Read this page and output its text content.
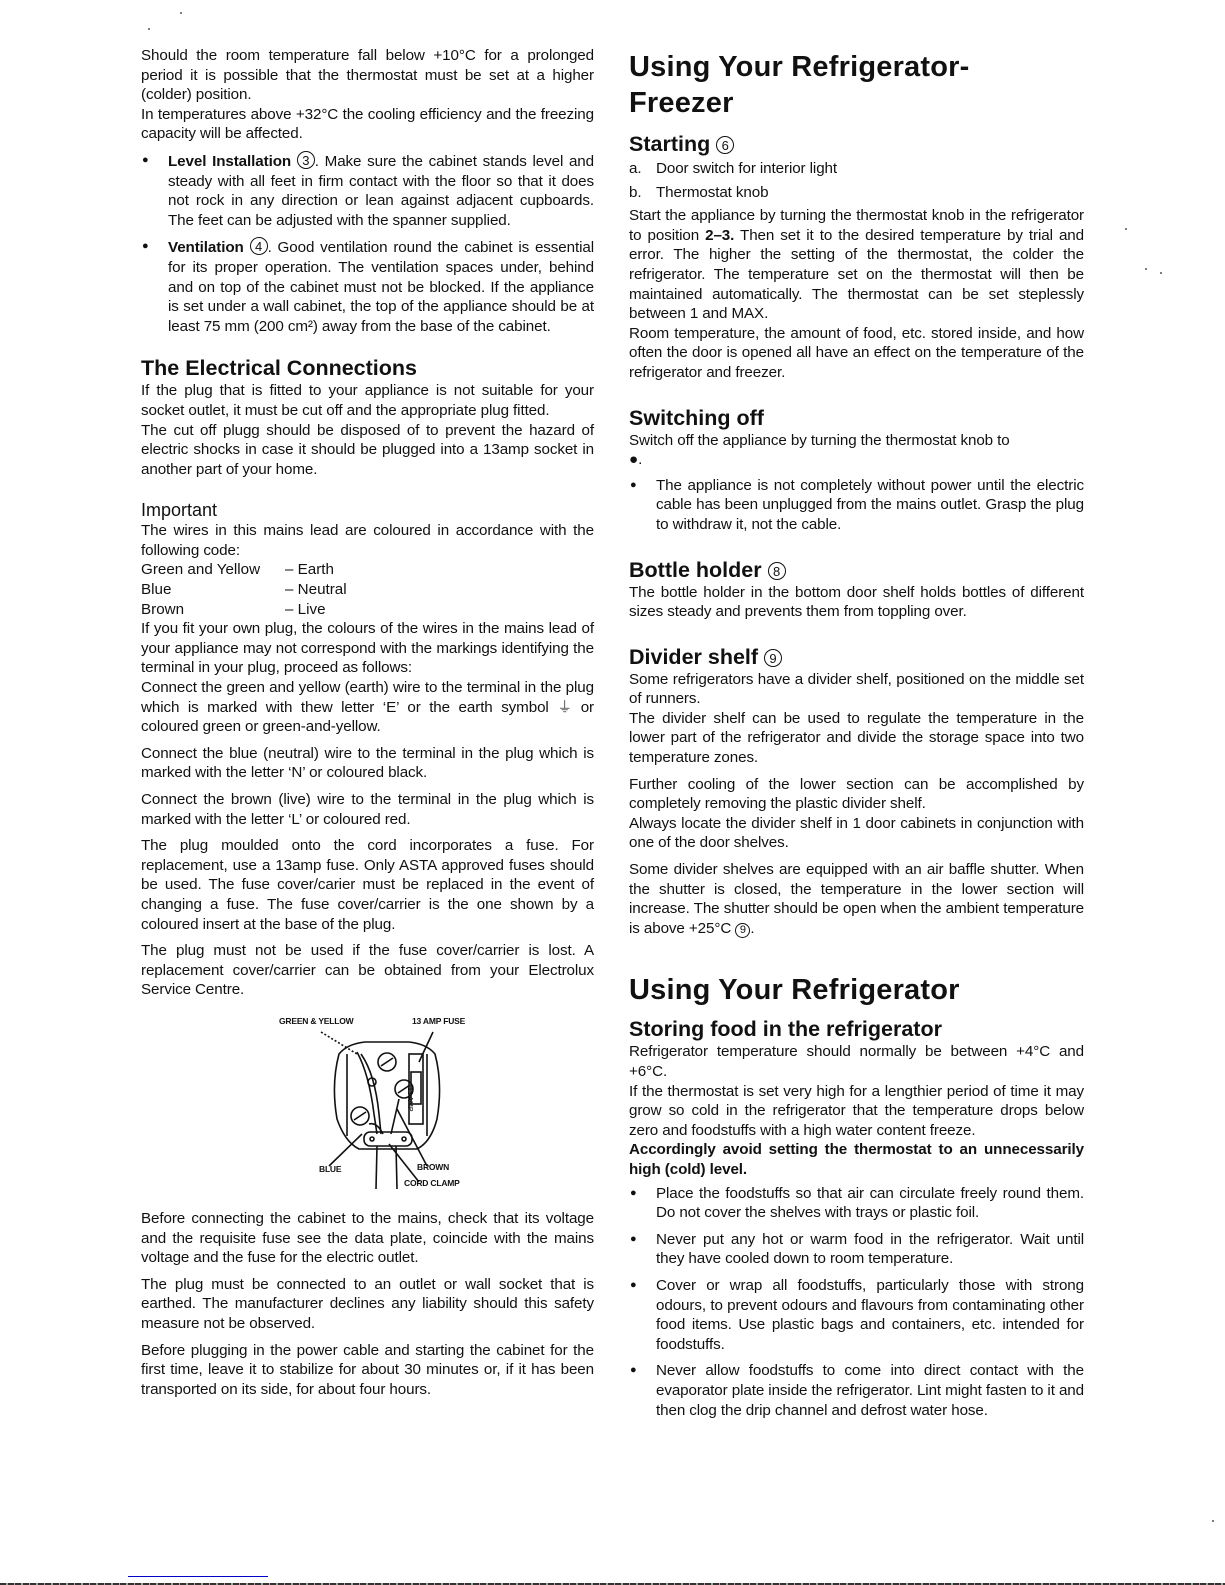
Should the room temperature fall below +10°C for a prolonged period it is possible that the thermostat must be set at a higher (colder) position.

In temperatures above +32°C the cooling efficiency and the freezing capacity will be affected.

● Level Installation 3 . Make sure the cabinet stands level and steady with all feet in firm contact with the floor so that it does not rock in any direction or lean against adjacent cupboards. The feet can be adjusted with the spanner supplied.
● Ventilation 4 . Good ventilation round the cabinet is essential for its proper operation. The ventilation spaces under, behind and on top of the cabinet must not be blocked. If the appliance is set under a wall cabinet, the top of the appliance should be at least 75 mm (200 cm²) away from the base of the cabinet.
The Electrical Connections

If the plug that is fitted to your appliance is not suitable for your socket outlet, it must be cut off and the appropriate plug fitted.

The cut off plugg should be disposed of to prevent the hazard of electric shocks in case it should be plugged into a 13amp socket in another part of your home.

Important

The wires in this mains lead are coloured in accordance with the following code:

Green and Yellow	– Earth
Blue	– Neutral
Brown	– Live

If you fit your own plug, the colours of the wires in the mains lead of your appliance may not correspond with the markings identifying the terminal in your plug, proceed as follows:

Connect the green and yellow (earth) wire to the terminal in the plug which is marked with thew letter ‘E’ or the earth symbol ⏚ or coloured green or green-and-yellow.

Connect the blue (neutral) wire to the terminal in the plug which is marked with the letter ‘N’ or coloured black.

Connect the brown (live) wire to the terminal in the plug which is marked with the letter ‘L’ or coloured red.

The plug moulded onto the cord incorporates a fuse. For replacement, use a 13amp fuse. Only ASTA approved fuses should be used. The fuse cover/carier must be replaced in the event of changing a fuse. The fuse cover/carrier is the one shown by a coloured insert at the base of the plug.

The plug must not be used if the fuse cover/carrier is lost. A replacement cover/carrier can be obtained from your Electrolux Service Centre.

13 AMP
GREEN & YELLOW	13 AMP FUSE
BLUE	BROWN
CORD CLAMP

Before connecting the cabinet to the mains, check that its voltage and the requisite fuse see the data plate, coincide with the mains voltage and the fuse for the electric outlet.

The plug must be connected to an outlet or wall socket that is earthed. The manufacturer declines any liability should this safety measure not be observed.

Before plugging in the power cable and starting the cabinet for the first time, leave it to stabilize for about 30 minutes or, if it has been transported on its side, for about four hours.

Using Your Refrigerator-
Freezer
Starting 6
a. Door switch for interior light
b. Thermostat knob

Start the appliance by turning the thermostat knob in the refrigerator to position 2–3. Then set it to the desired temperature by trial and error. The higher the setting of the thermostat, the colder the refrigerator. The temperature set on the thermostat will then be maintained automatically. The thermostat can be set steplessly between 1 and MAX.

Room temperature, the amount of food, etc. stored inside, and how often the door is opened all have an effect on the temperature of the refrigerator and freezer.

Switching off

Switch off the appliance by turning the thermostat knob to
●.

● The appliance is not completely without power until the electric cable has been unplugged from the mains outlet. Grasp the plug to withdraw it, not the cable.
Bottle holder 8

The bottle holder in the bottom door shelf holds bottles of different sizes steady and prevents them from toppling over.

Divider shelf 9

Some refrigerators have a divider shelf, positioned on the middle set of runners.

The divider shelf can be used to regulate the temperature in the lower part of the refrigerator and divide the storage space into two temperature zones.

Further cooling of the lower section can be accomplished by completely removing the plastic divider shelf.

Always locate the divider shelf in 1 door cabinets in conjunction with one of the door shelves.

Some divider shelves are equipped with an air baffle shutter. When the shutter is closed, the temperature in the lower section will increase. The shutter should be open when the ambient temperature is above +25°C 9 .

Using Your Refrigerator
Storing food in the refrigerator

Refrigerator temperature should normally be between +4°C and +6°C.

If the thermostat is set very high for a lengthier period of time it may grow so cold in the refrigerator that the temperature drops below zero and foodstuffs with a high water content freeze.

Accordingly avoid setting the thermostat to an unnecessarily high (cold) level.

● Place the foodstuffs so that air can circulate freely round them. Do not cover the shelves with trays or plastic foil.
● Never put any hot or warm food in the refrigerator. Wait until they have cooled down to room temperature.
● Cover or wrap all foodstuffs, particularly those with strong odours, to prevent odours and flavours from contaminating other food items. Use plastic bags and containers, etc. intended for foodstuffs.
● Never allow foodstuffs to come into direct contact with the evaporator plate inside the refrigerator. Lint might fasten to it and then clog the drip channel and defrost water hose.
